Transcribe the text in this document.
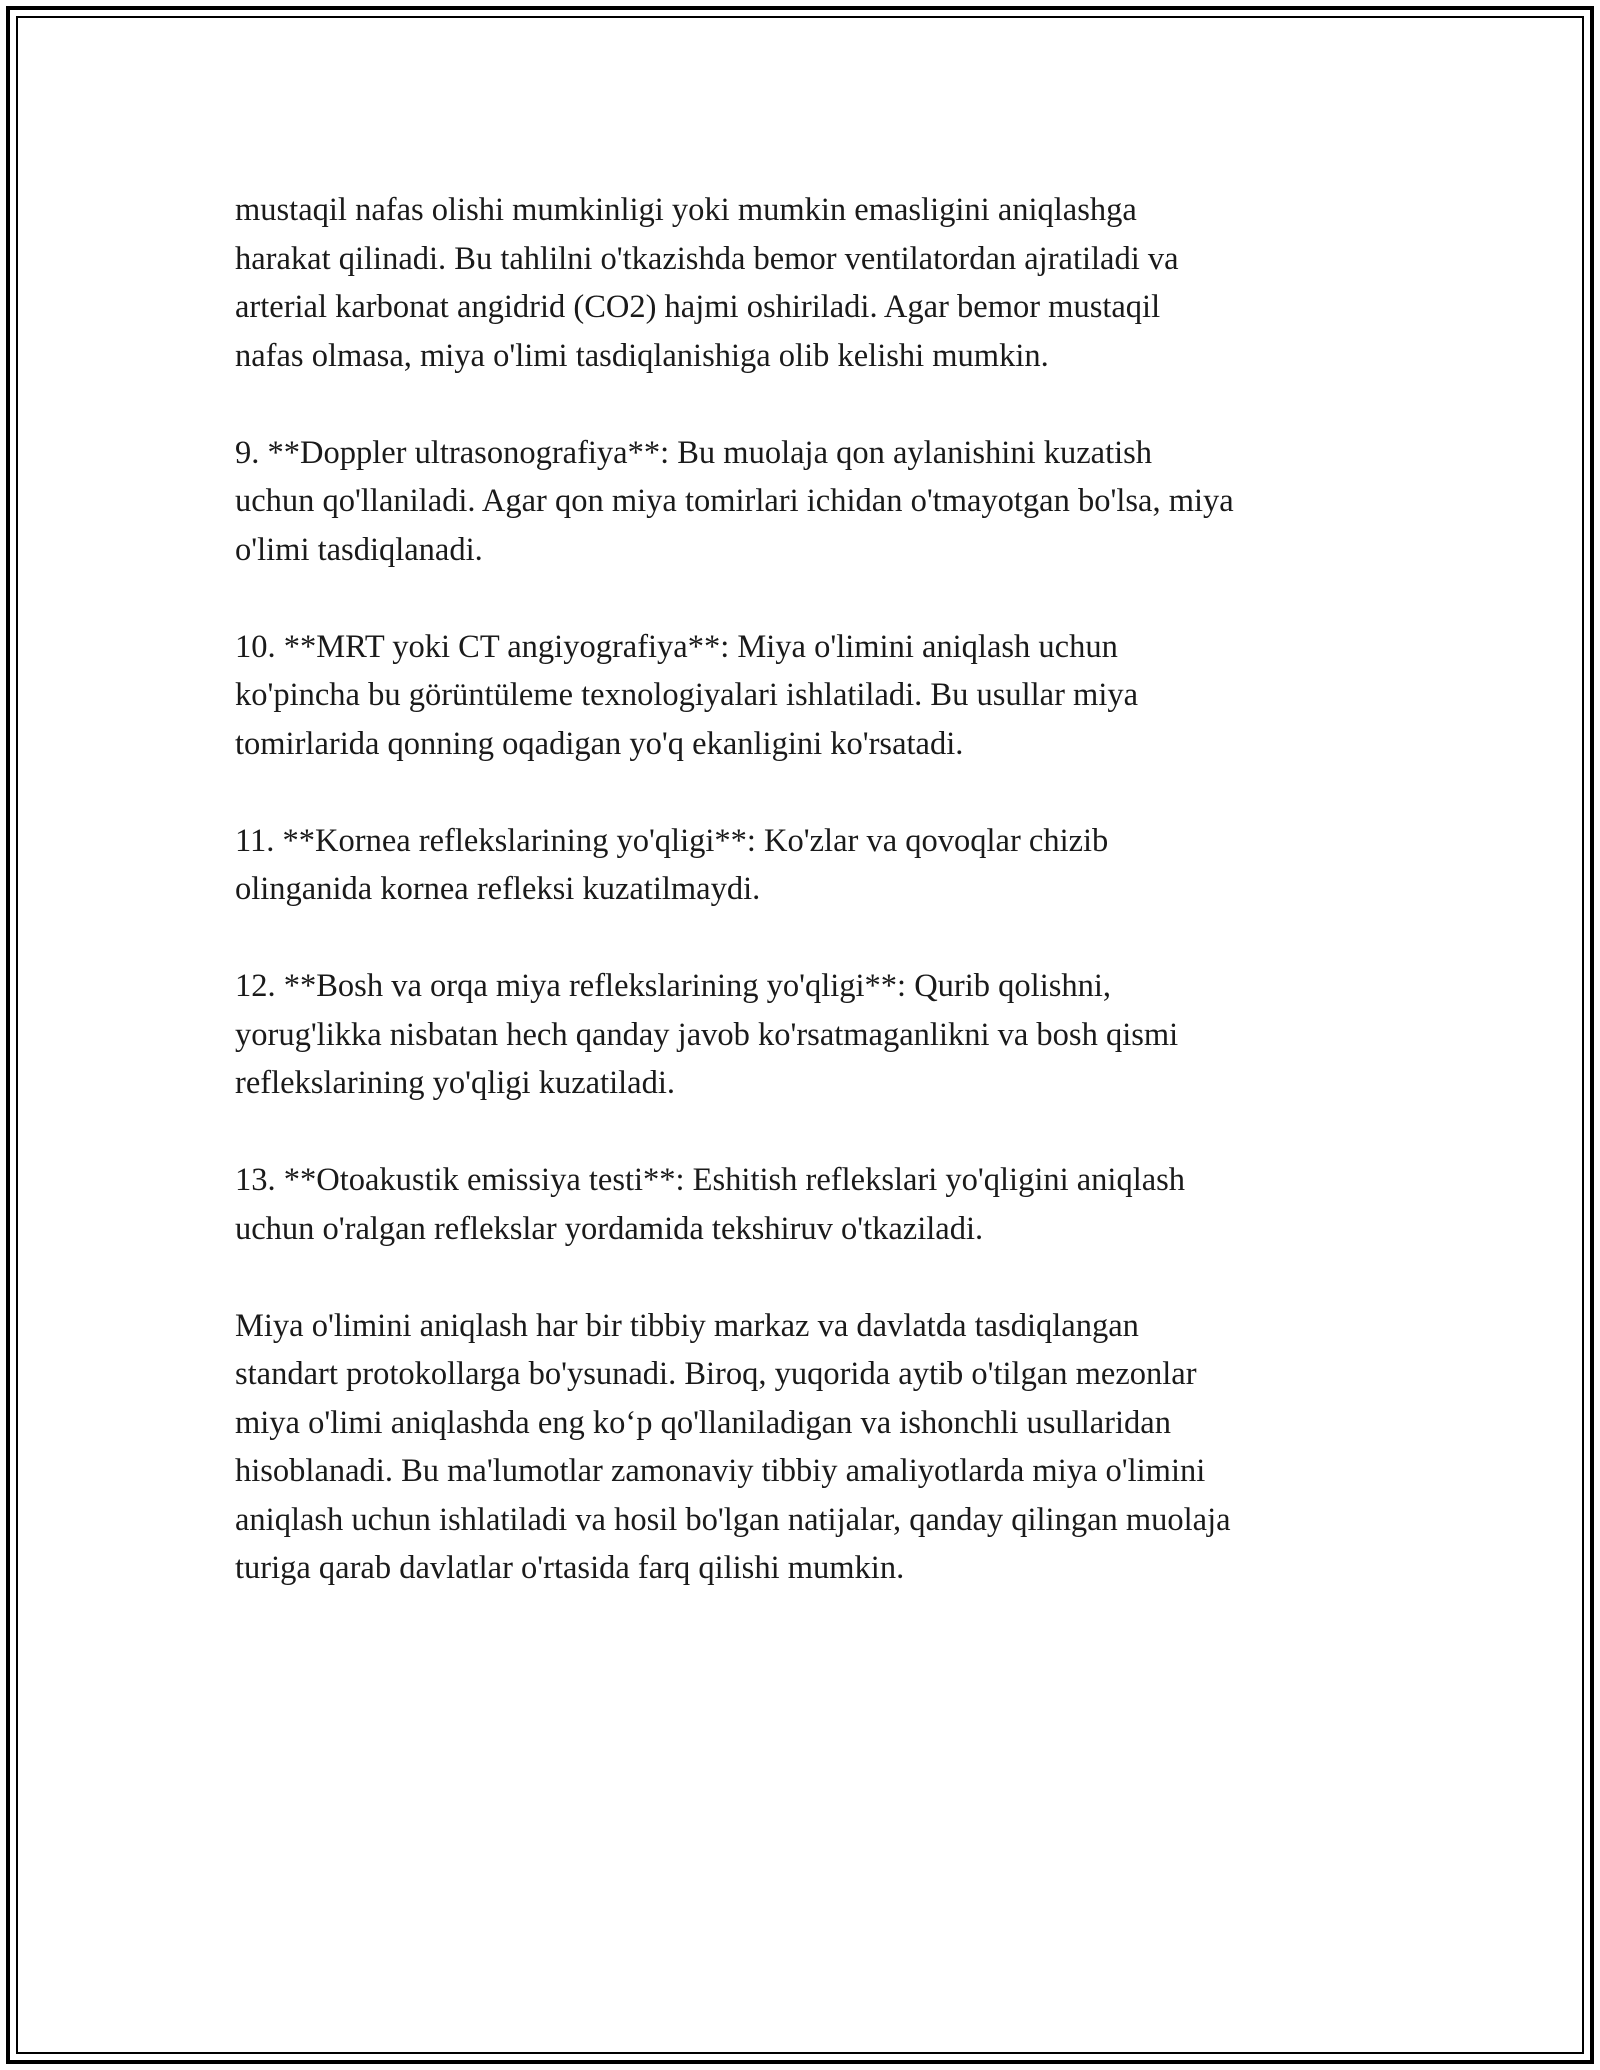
mustaqil nafas olishi mumkinligi yoki mumkin emasligini aniqlashga
harakat qilinadi. Bu tahlilni o'tkazishda bemor ventilatordan ajratiladi va
arterial karbonat angidrid (CO2) hajmi oshiriladi. Agar bemor mustaqil
nafas olmasa, miya o'limi tasdiqlanishiga olib kelishi mumkin.

9. **Doppler ultrasonografiya**: Bu muolaja qon aylanishini kuzatish
uchun qo'llaniladi. Agar qon miya tomirlari ichidan o'tmayotgan bo'lsa, miya
o'limi tasdiqlanadi.

10. **MRT yoki CT angiyografiya**: Miya o'limini aniqlash uchun
ko'pincha bu görüntüleme texnologiyalari ishlatiladi. Bu usullar miya
tomirlarida qonning oqadigan yo'q ekanligini ko'rsatadi.

11. **Kornea reflekslarining yo'qligi**: Ko'zlar va qovoqlar chizib
olinganida kornea refleksi kuzatilmaydi.

12. **Bosh va orqa miya reflekslarining yo'qligi**: Qurib qolishni,
yorug'likka nisbatan hech qanday javob ko'rsatmaganlikni va bosh qismi
reflekslarining yo'qligi kuzatiladi.

13. **Otoakustik emissiya testi**: Eshitish reflekslari yo'qligini aniqlash
uchun o'ralgan reflekslar yordamida tekshiruv o'tkaziladi.

Miya o'limini aniqlash har bir tibbiy markaz va davlatda tasdiqlangan
standart protokollarga bo'ysunadi. Biroq, yuqorida aytib o'tilgan mezonlar
miya o'limi aniqlashda eng ko‘p qo'llaniladigan va ishonchli usullaridan
hisoblanadi. Bu ma'lumotlar zamonaviy tibbiy amaliyotlarda miya o'limini
aniqlash uchun ishlatiladi va hosil bo'lgan natijalar, qanday qilingan muolaja
turiga qarab davlatlar o'rtasida farq qilishi mumkin.
